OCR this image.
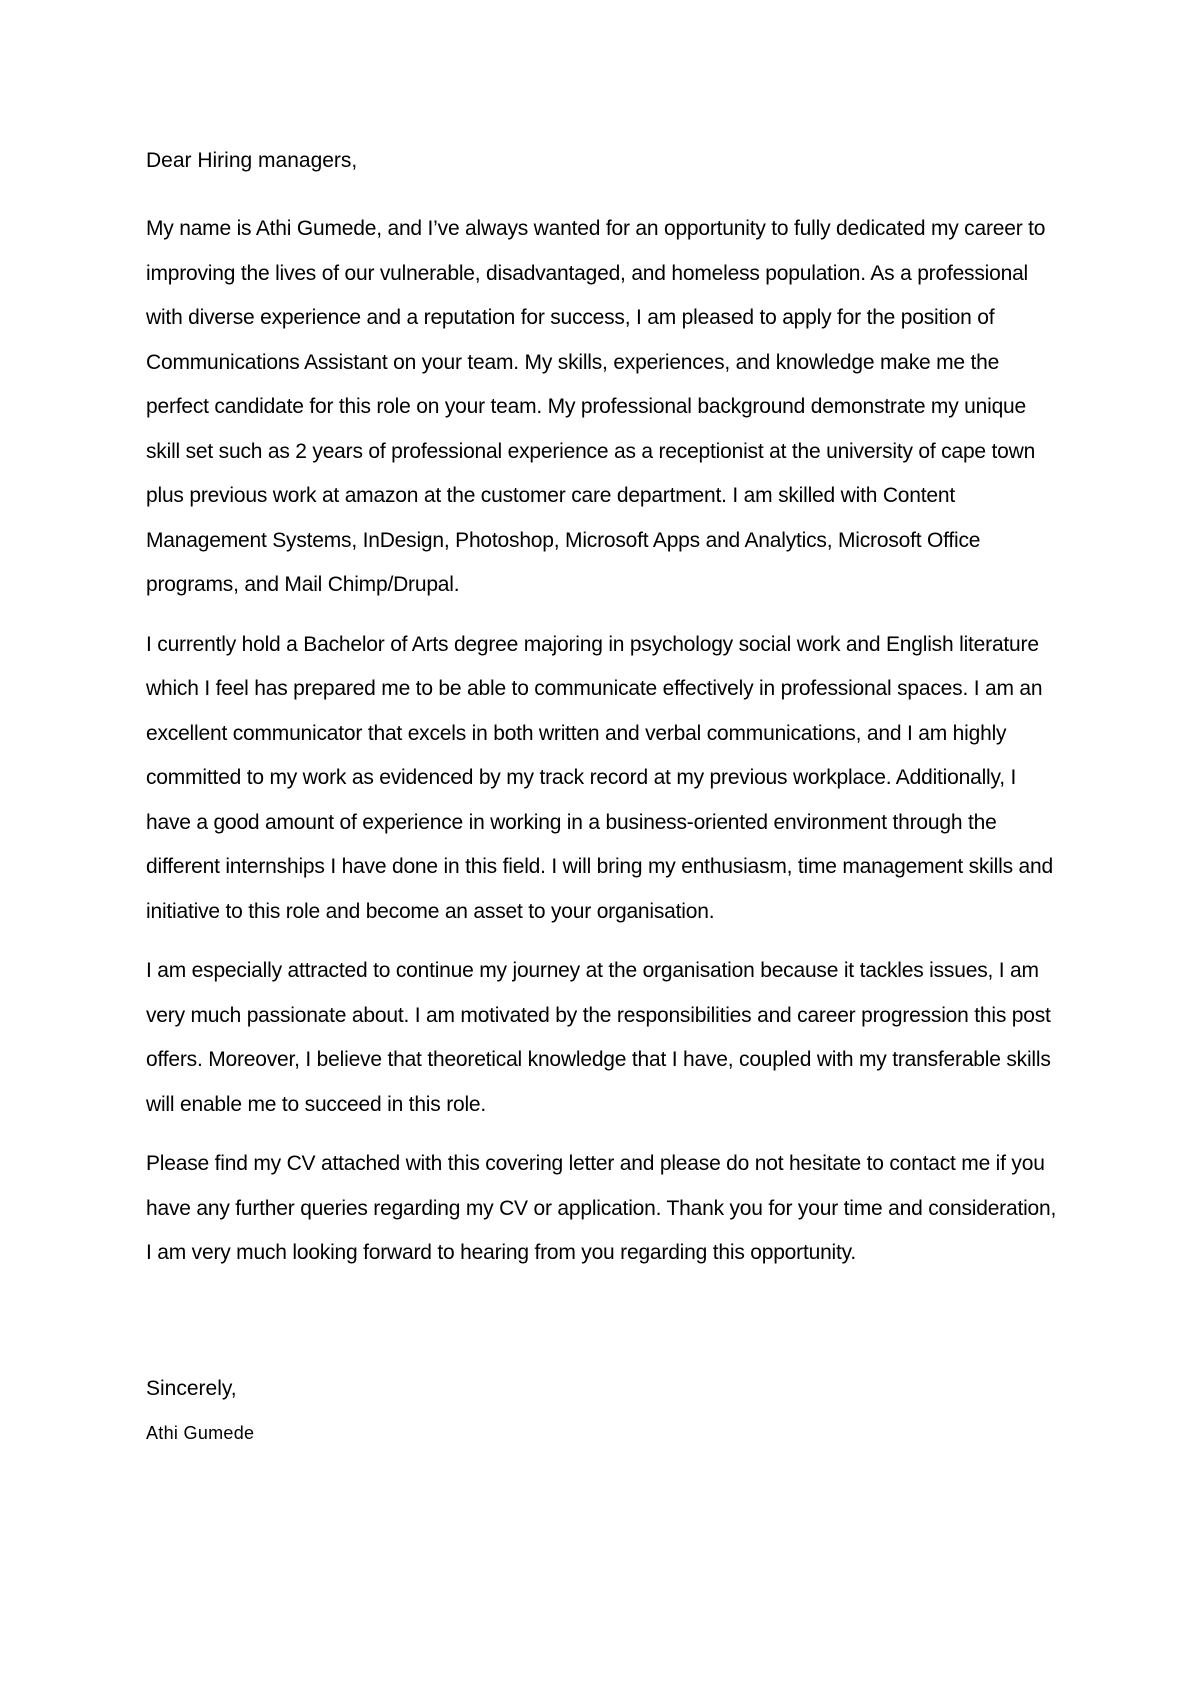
Dear Hiring managers,

My name is Athi Gumede, and I’ve always wanted for an opportunity to fully dedicated my career to improving the lives of our vulnerable, disadvantaged, and homeless population. As a professional with diverse experience and a reputation for success, I am pleased to apply for the position of Communications Assistant on your team. My skills, experiences, and knowledge make me the perfect candidate for this role on your team. My professional background demonstrate my unique skill set such as 2 years of professional experience as a receptionist at the university of cape town plus previous work at amazon at the customer care department. I am skilled with Content Management Systems, InDesign, Photoshop, Microsoft Apps and Analytics, Microsoft Office programs, and Mail Chimp/Drupal.

I currently hold a Bachelor of Arts degree majoring in psychology social work and English literature which I feel has prepared me to be able to communicate effectively in professional spaces. I am an excellent communicator that excels in both written and verbal communications, and I am highly committed to my work as evidenced by my track record at my previous workplace. Additionally, I have a good amount of experience in working in a business-oriented environment through the different internships I have done in this field. I will bring my enthusiasm, time management skills and initiative to this role and become an asset to your organisation.

I am especially attracted to continue my journey at the organisation because it tackles issues, I am very much passionate about. I am motivated by the responsibilities and career progression this post offers. Moreover, I believe that theoretical knowledge that I have, coupled with my transferable skills will enable me to succeed in this role.

Please find my CV attached with this covering letter and please do not hesitate to contact me if you have any further queries regarding my CV or application. Thank you for your time and consideration, I am very much looking forward to hearing from you regarding this opportunity.

Sincerely,

Athi Gumede
